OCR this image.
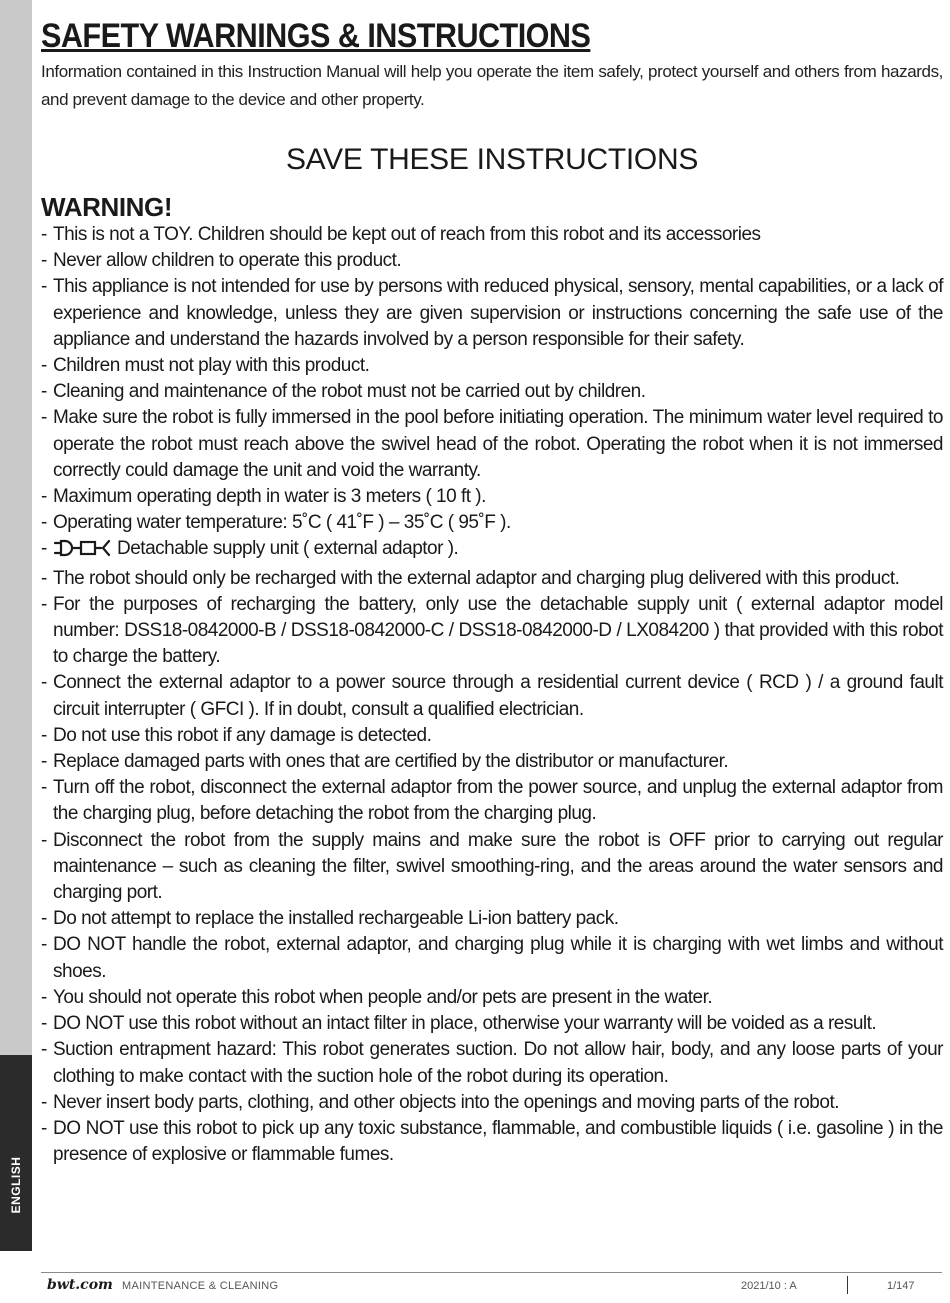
ENGLISH
SAFETY WARNINGS & INSTRUCTIONS

Information contained in this Instruction Manual will help you operate the item safely, protect yourself and others from hazards, and prevent damage to the device and other property.

SAVE THESE INSTRUCTIONS
WARNING!
- This is not a TOY. Children should be kept out of reach from this robot and its accessories
- Never allow children to operate this product.
- This appliance is not intended for use by persons with reduced physical, sensory, mental capabilities, or a lack of experience and knowledge, unless they are given supervision or instructions concerning the safe use of the appliance and understand the hazards involved by a person responsible for their safety.
- Children must not play with this product.
- Cleaning and maintenance of the robot must not be carried out by children.
- Make sure the robot is fully immersed in the pool before initiating operation. The minimum water level required to operate the robot must reach above the swivel head of the robot. Operating the robot when it is not immersed correctly could damage the unit and void the warranty.
- Maximum operating depth in water is 3 meters ( 10 ft ).
- Operating water temperature: 5˚C ( 41˚F ) – 35˚C ( 95˚F ).
- Detachable supply unit ( external adaptor ).
- The robot should only be recharged with the external adaptor and charging plug delivered with this product.
- For the purposes of recharging the battery, only use the detachable supply unit ( external adaptor model number: DSS18-0842000-B / DSS18-0842000-C / DSS18-0842000-D / LX084200 ) that provided with this robot to charge the battery.
- Connect the external adaptor to a power source through a residential current device ( RCD ) / a ground fault circuit interrupter ( GFCI ). If in doubt, consult a qualified electrician.
- Do not use this robot if any damage is detected.
- Replace damaged parts with ones that are certified by the distributor or manufacturer.
- Turn off the robot, disconnect the external adaptor from the power source, and unplug the external adaptor from the charging plug, before detaching the robot from the charging plug.
- Disconnect the robot from the supply mains and make sure the robot is OFF prior to carrying out regular maintenance – such as cleaning the filter, swivel smoothing-ring, and the areas around the water sensors and charging port.
- Do not attempt to replace the installed rechargeable Li-ion battery pack.
- DO NOT handle the robot, external adaptor, and charging plug while it is charging with wet limbs and without shoes.
- You should not operate this robot when people and/or pets are present in the water.
- DO NOT use this robot without an intact filter in place, otherwise your warranty will be voided as a result.
- Suction entrapment hazard: This robot generates suction. Do not allow hair, body, and any loose parts of your clothing to make contact with the suction hole of the robot during its operation.
- Never insert body parts, clothing, and other objects into the openings and moving parts of the robot.
- DO NOT use this robot to pick up any toxic substance, flammable, and combustible liquids ( i.e. gasoline ) in the presence of explosive or flammable fumes.
bwt.com MAINTENANCE & CLEANING	2021/10 : A	1/147
